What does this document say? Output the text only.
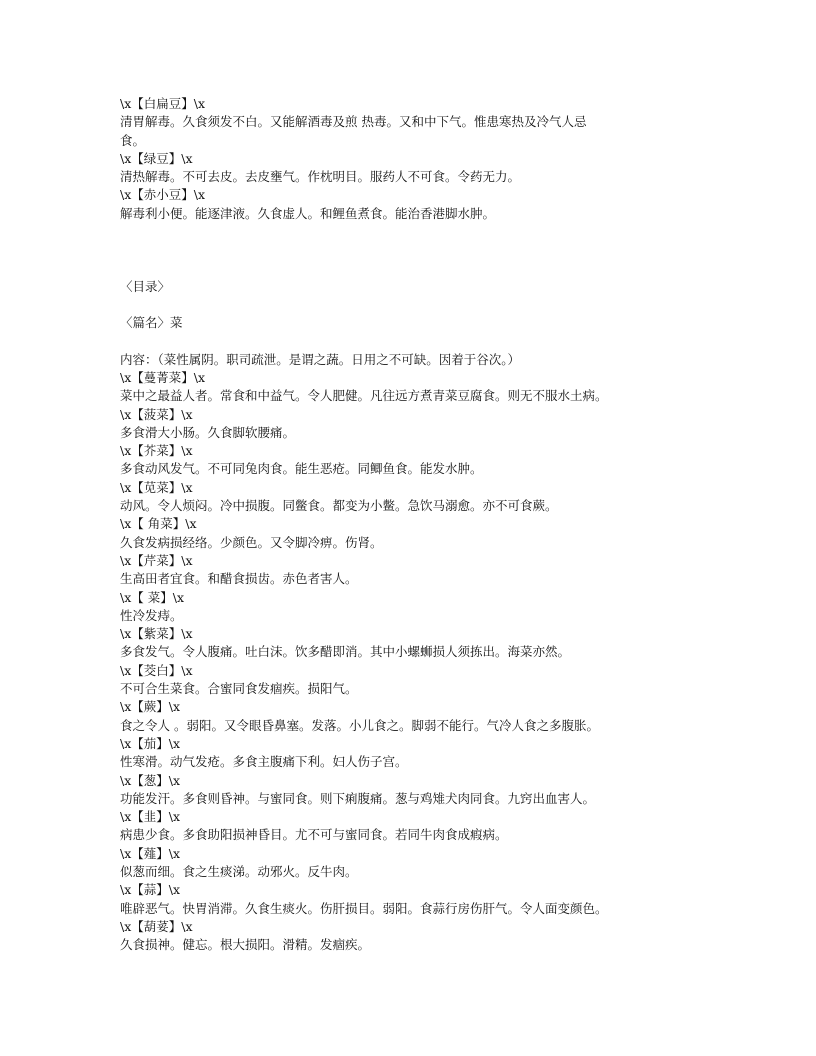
\x【白扁豆】\x

清胃解毒。久食须发不白。又能解酒毒及煎 热毒。又和中下气。惟患寒热及冷气人忌

食。

\x【绿豆】\x

清热解毒。不可去皮。去皮壅气。作枕明目。服药人不可食。令药无力。

\x【赤小豆】\x

解毒利小便。能逐津液。久食虚人。和鲤鱼煮食。能治香港脚水肿。

〈目录〉

〈篇名〉菜

内容：（菜性属阴。职司疏泄。是谓之蔬。日用之不可缺。因着于谷次。）

\x【蔓菁菜】\x

菜中之最益人者。常食和中益气。令人肥健。凡往远方煮青菜豆腐食。则无不服水土病。

\x【菠菜】\x

多食滑大小肠。久食脚软腰痛。

\x【芥菜】\x

多食动风发气。不可同兔肉食。能生恶疮。同鲫鱼食。能发水肿。

\x【苋菜】\x

动风。令人烦闷。冷中损腹。同鳖食。都变为小鳖。急饮马溺愈。亦不可食蕨。

\x【 角菜】\x

久食发病损经络。少颜色。又令脚冷痹。伤肾。

\x【芹菜】\x

生高田者宜食。和醋食损齿。赤色者害人。

\x【 菜】\x

性冷发痔。

\x【紫菜】\x

多食发气。令人腹痛。吐白沫。饮多醋即消。其中小螺蛳损人须拣出。海菜亦然。

\x【茭白】\x

不可合生菜食。合蜜同食发痼疾。损阳气。

\x【蕨】\x

食之令人 。弱阳。又令眼昏鼻塞。发落。小儿食之。脚弱不能行。气冷人食之多腹胀。

\x【茄】\x

性寒滑。动气发疮。多食主腹痛下利。妇人伤子宫。

\x【葱】\x

功能发汗。多食则昏神。与蜜同食。则下痢腹痛。葱与鸡雉犬肉同食。九窍出血害人。

\x【韭】\x

病患少食。多食助阳损神昏目。尤不可与蜜同食。若同牛肉食成瘕病。

\x【薤】\x

似葱而细。食之生痰涕。动邪火。反牛肉。

\x【蒜】\x

唯辟恶气。快胃消滞。久食生痰火。伤肝损目。弱阳。食蒜行房伤肝气。令人面变颜色。

\x【葫荽】\x

久食损神。健忘。根大损阳。滑精。发痼疾。
